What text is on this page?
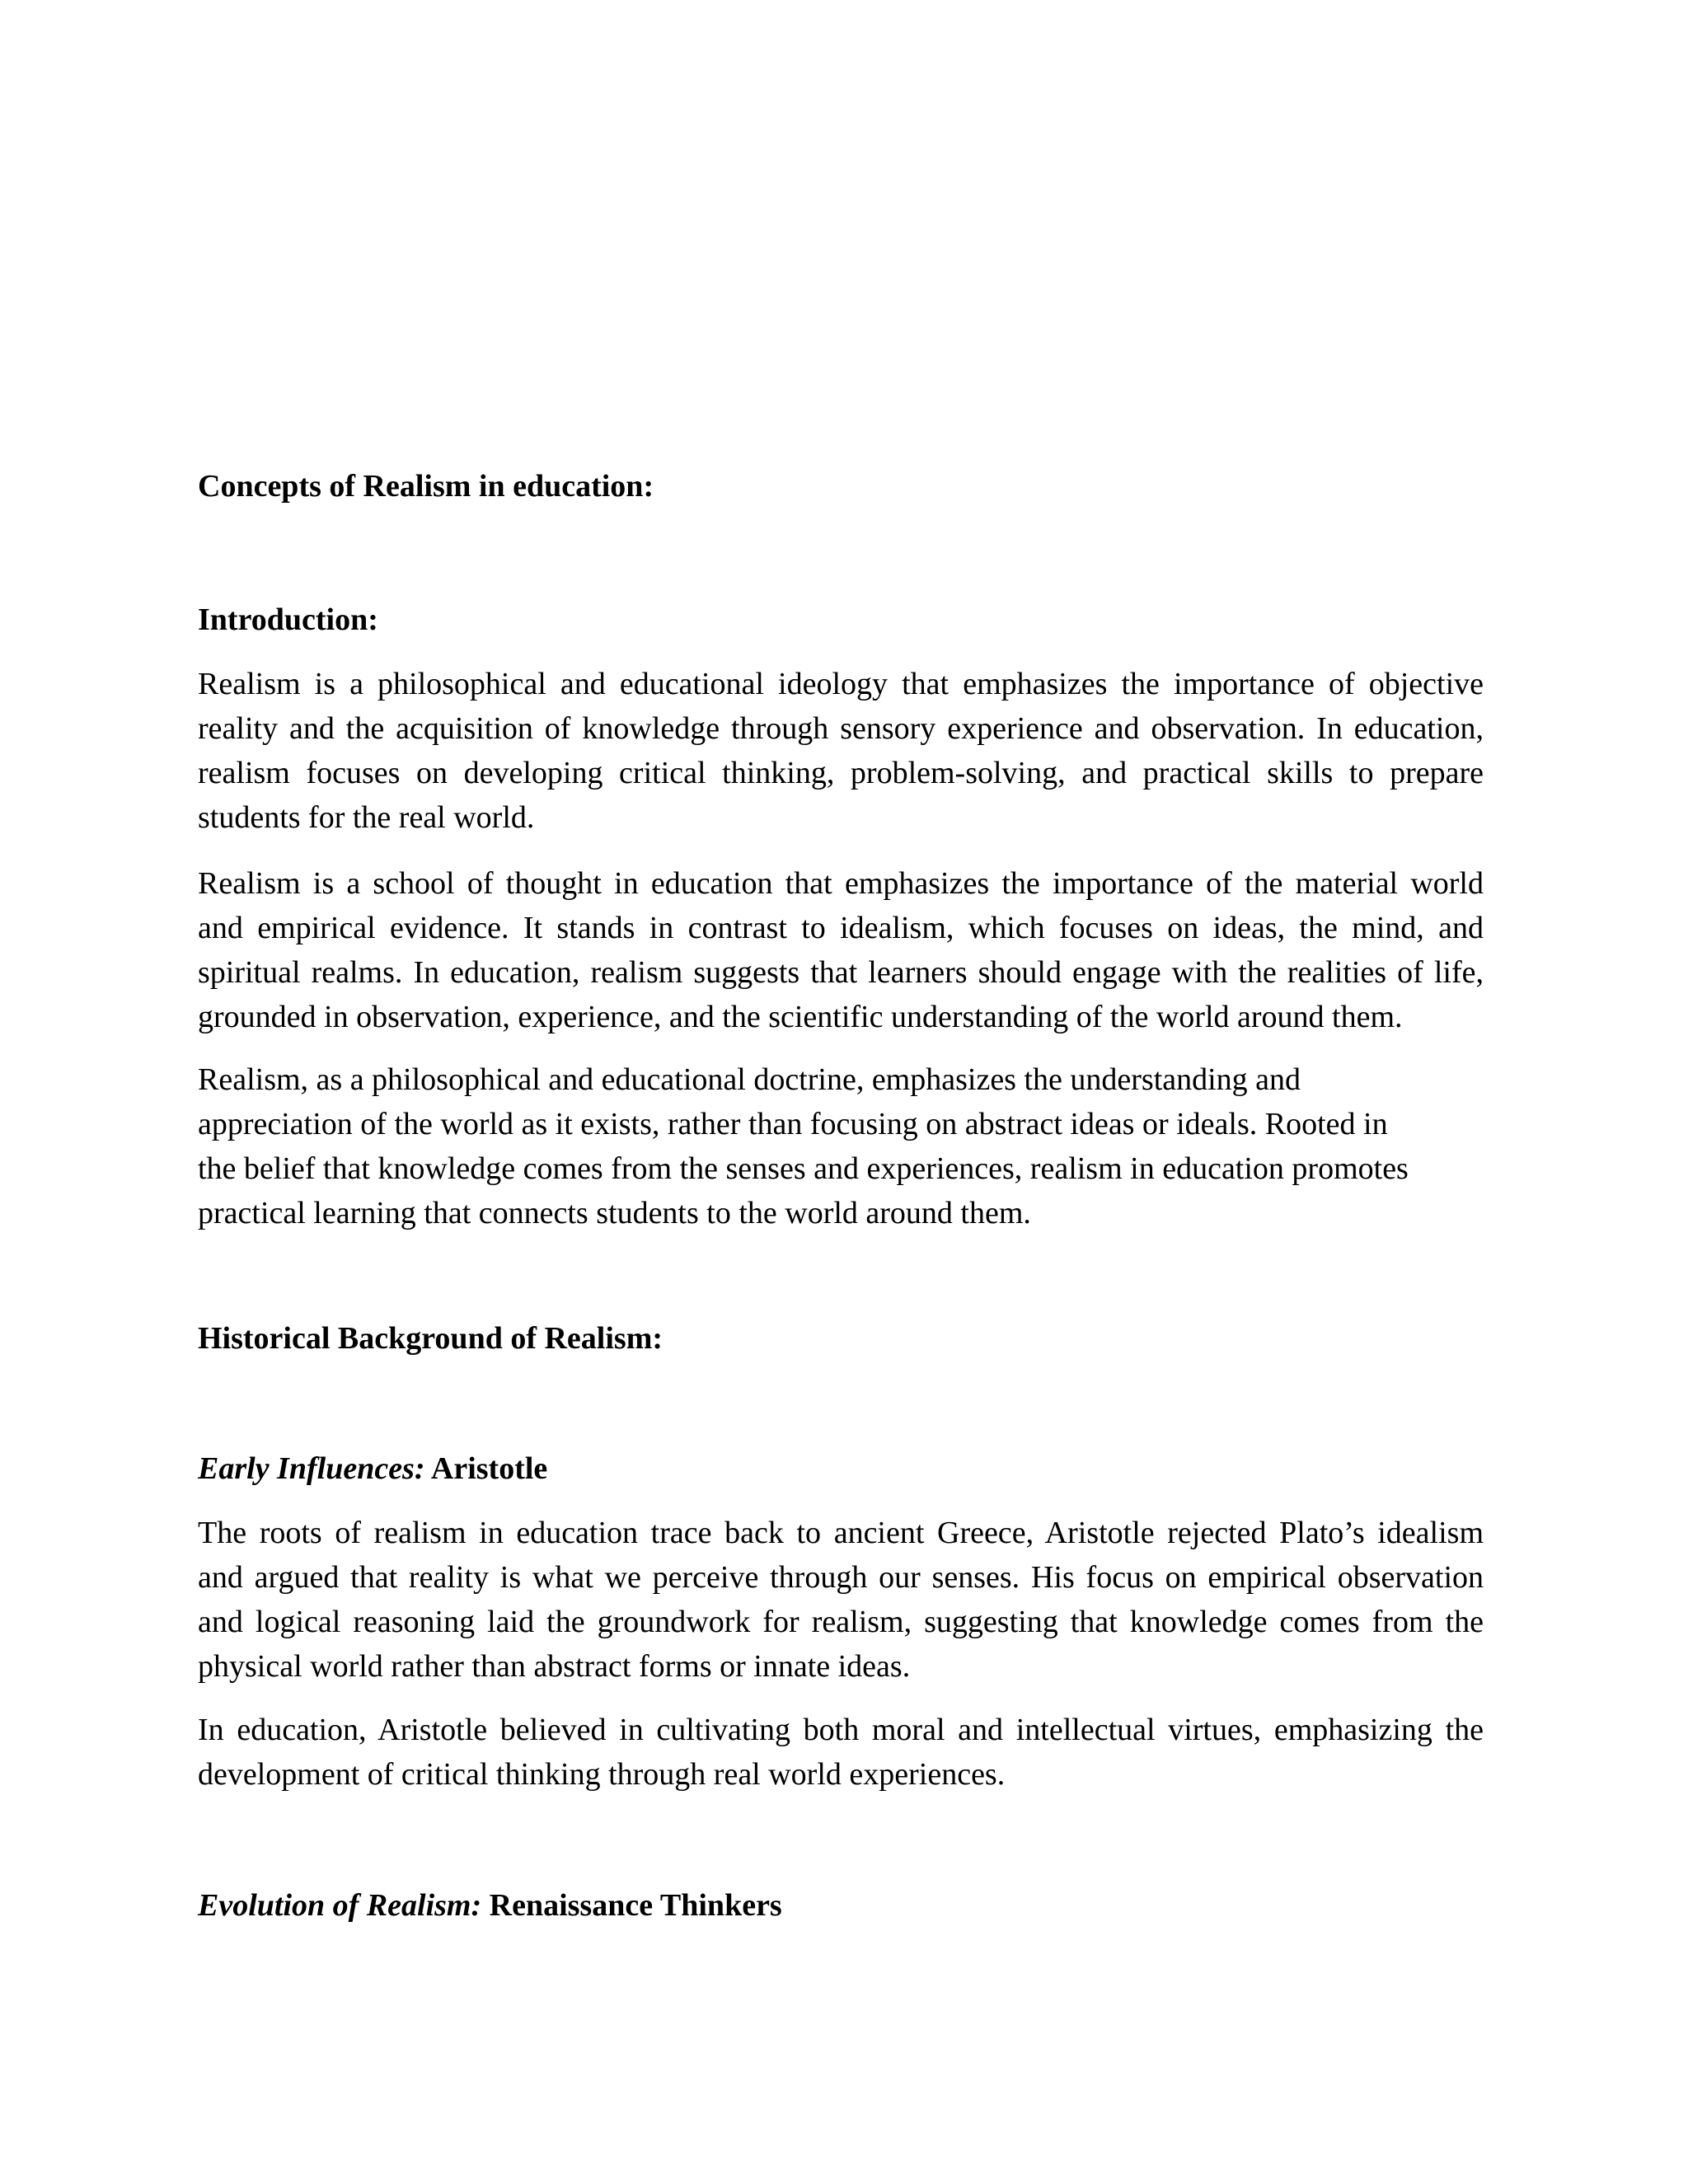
Concepts of Realism in education:
Introduction:
Realism is a philosophical and educational ideology that emphasizes the importance of objective
reality and the acquisition of knowledge through sensory experience and observation. In education,
realism focuses on developing critical thinking, problem-solving, and practical skills to prepare
students for the real world.
Realism is a school of thought in education that emphasizes the importance of the material world
and empirical evidence. It stands in contrast to idealism, which focuses on ideas, the mind, and
spiritual realms. In education, realism suggests that learners should engage with the realities of life,
grounded in observation, experience, and the scientific understanding of the world around them.
Realism, as a philosophical and educational doctrine, emphasizes the understanding and
appreciation of the world as it exists, rather than focusing on abstract ideas or ideals. Rooted in
the belief that knowledge comes from the senses and experiences, realism in education promotes
practical learning that connects students to the world around them.
Historical Background of Realism:
Early Influences: Aristotle
The roots of realism in education trace back to ancient Greece, Aristotle rejected Plato’s idealism
and argued that reality is what we perceive through our senses. His focus on empirical observation
and logical reasoning laid the groundwork for realism, suggesting that knowledge comes from the
physical world rather than abstract forms or innate ideas.
In education, Aristotle believed in cultivating both moral and intellectual virtues, emphasizing the
development of critical thinking through real world experiences.
Evolution of Realism: Renaissance Thinkers
